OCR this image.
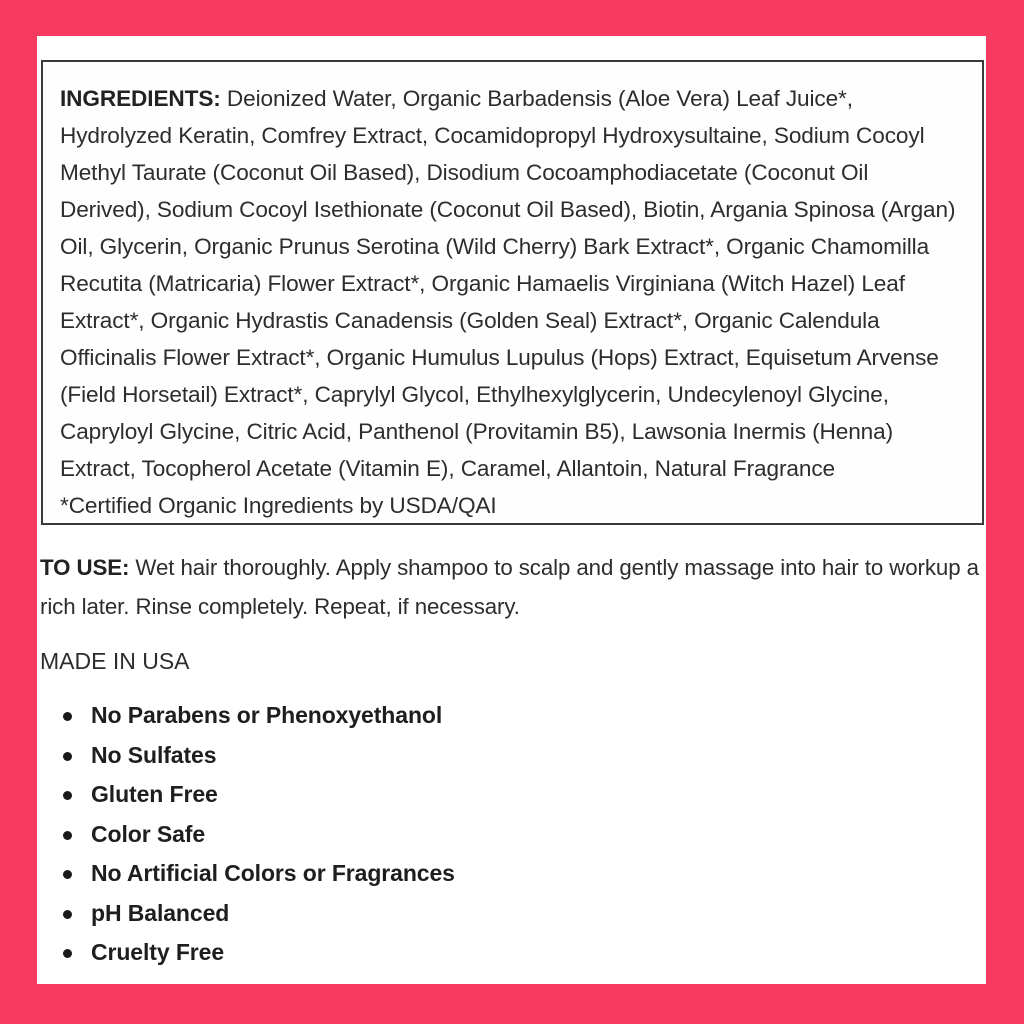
INGREDIENTS: Deionized Water, Organic Barbadensis (Aloe Vera) Leaf Juice*, Hydrolyzed Keratin, Comfrey Extract, Cocamidopropyl Hydroxysultaine, Sodium Cocoyl Methyl Taurate (Coconut Oil Based), Disodium Cocoamphodiacetate (Coconut Oil Derived), Sodium Cocoyl Isethionate (Coconut Oil Based), Biotin, Argania Spinosa (Argan) Oil, Glycerin, Organic Prunus Serotina (Wild Cherry) Bark Extract*, Organic Chamomilla Recutita (Matricaria) Flower Extract*, Organic Hamaelis Virginiana (Witch Hazel) Leaf Extract*, Organic Hydrastis Canadensis (Golden Seal) Extract*, Organic Calendula Officinalis Flower Extract*, Organic Humulus Lupulus (Hops) Extract, Equisetum Arvense (Field Horsetail) Extract*, Caprylyl Glycol, Ethylhexylglycerin, Undecylenoyl Glycine, Capryloyl Glycine, Citric Acid, Panthenol (Provitamin B5), Lawsonia Inermis (Henna) Extract, Tocopherol Acetate (Vitamin E), Caramel, Allantoin, Natural Fragrance
*Certified Organic Ingredients by USDA/QAI
TO USE: Wet hair thoroughly. Apply shampoo to scalp and gently massage into hair to workup a rich later. Rinse completely. Repeat, if necessary.
MADE IN USA
No Parabens or Phenoxyethanol
No Sulfates
Gluten Free
Color Safe
No Artificial Colors or Fragrances
pH Balanced
Cruelty Free
